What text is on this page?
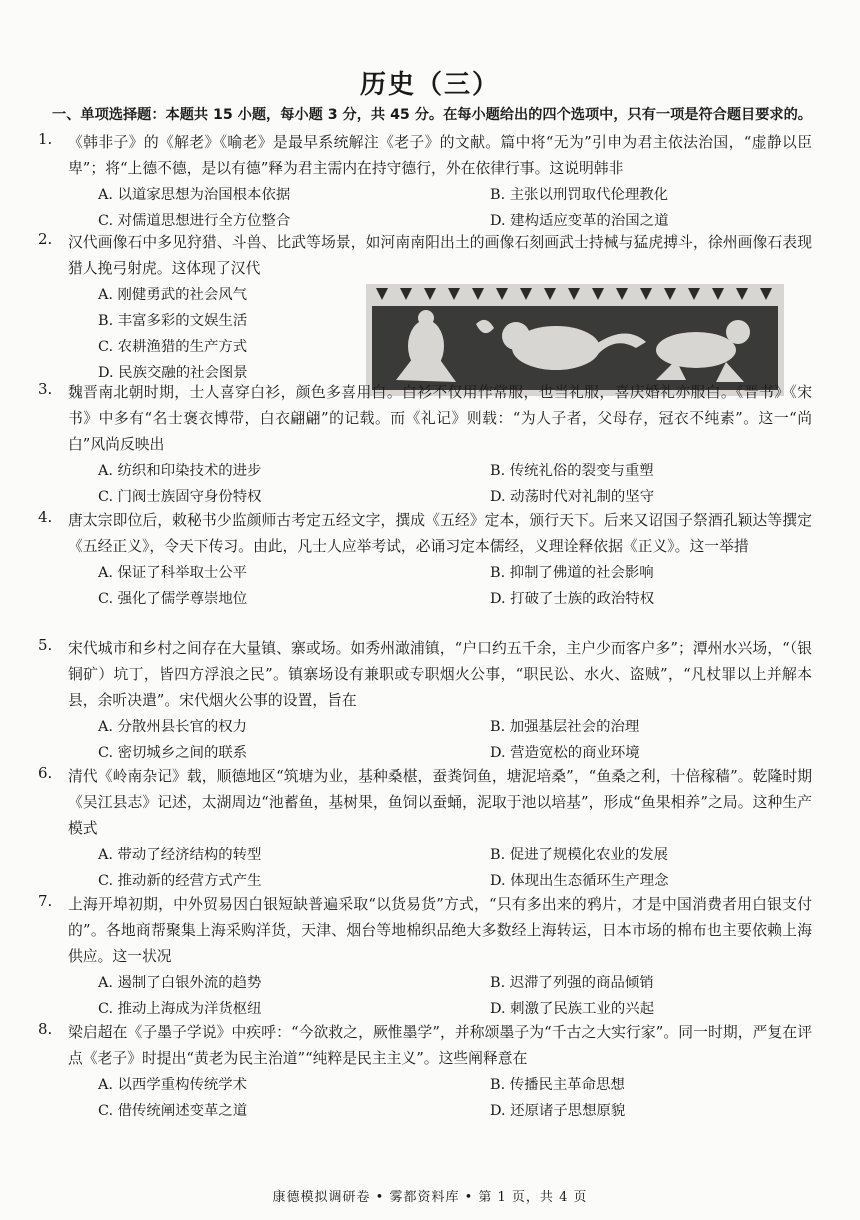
历史（三）
一、单项选择题：本题共 15 小题，每小题 3 分，共 45 分。在每小题给出的四个选项中，只有一项是符合题目要求的。
1. 《韩非子》的《解老》《喻老》是最早系统解注《老子》的文献。篇中将“无为”引申为君主依法治国，“虚静以臣卑”；将“上德不德，是以有德”释为君主需内在持守德行，外在依律行事。这说明韩非

A. 以道家思想为治国根本依据	B. 主张以刑罚取代伦理教化
C. 对儒道思想进行全方位整合	D. 建构适应变革的治国之道
2. 汉代画像石中多见狩猎、斗兽、比武等场景，如河南南阳出土的画像石刻画武士持械与猛虎搏斗，徐州画像石表现猎人挽弓射虎。这体现了汉代

A. 刚健勇武的社会风气
B. 丰富多彩的文娱生活
C. 农耕渔猎的生产方式
D. 民族交融的社会图景
3. 魏晋南北朝时期，士人喜穿白衫，颜色多喜用白。白衫不仅用作常服，也当礼服，喜庆婚礼亦服白。《晋书》《宋书》中多有“名士褒衣博带，白衣翩翩”的记载。而《礼记》则载：“为人子者，父母存，冠衣不纯素”。这一“尚白”风尚反映出

A. 纺织和印染技术的进步	B. 传统礼俗的裂变与重塑
C. 门阀士族固守身份特权	D. 动荡时代对礼制的坚守
4. 唐太宗即位后，敕秘书少监颜师古考定五经文字，撰成《五经》定本，颁行天下。后来又诏国子祭酒孔颖达等撰定《五经正义》，令天下传习。由此，凡士人应举考试，必诵习定本儒经，义理诠释依据《正义》。这一举措

A. 保证了科举取士公平	B. 抑制了佛道的社会影响
C. 强化了儒学尊崇地位	D. 打破了士族的政治特权
5. 宋代城市和乡村之间存在大量镇、寨或场。如秀州澉浦镇，“户口约五千余，主户少而客户多”；潭州水兴场，“（银铜矿）坑丁，皆四方浮浪之民”。镇寨场设有兼职或专职烟火公事，“职民讼、水火、盗贼”，“凡杖罪以上并解本县，余听决遣”。宋代烟火公事的设置，旨在

A. 分散州县长官的权力	B. 加强基层社会的治理
C. 密切城乡之间的联系	D. 营造宽松的商业环境
6. 清代《岭南杂记》载，顺德地区“筑塘为业，基种桑椹，蚕粪饲鱼，塘泥培桑”，“鱼桑之利，十倍稼穑”。乾隆时期《吴江县志》记述，太湖周边“池蓄鱼，基树果，鱼饲以蚕蛹，泥取于池以培基”，形成“鱼果相养”之局。这种生产模式

A. 带动了经济结构的转型	B. 促进了规模化农业的发展
C. 推动新的经营方式产生	D. 体现出生态循环生产理念
7. 上海开埠初期，中外贸易因白银短缺普遍采取“以货易货”方式，“只有多出来的鸦片，才是中国消费者用白银支付的”。各地商帮聚集上海采购洋货，天津、烟台等地棉织品绝大多数经上海转运，日本市场的棉布也主要依赖上海供应。这一状况

A. 遏制了白银外流的趋势	B. 迟滞了列强的商品倾销
C. 推动上海成为洋货枢纽	D. 刺激了民族工业的兴起
8. 梁启超在《子墨子学说》中疾呼：“今欲救之，厥惟墨学”，并称颂墨子为“千古之大实行家”。同一时期，严复在评点《老子》时提出“黄老为民主治道”“纯粹是民主主义”。这些阐释意在

A. 以西学重构传统学术	B. 传播民主革命思想
C. 借传统阐述变革之道	D. 还原诸子思想原貌
康德模拟调研卷 • 雾都资料库 • 第 1 页，共 4 页
